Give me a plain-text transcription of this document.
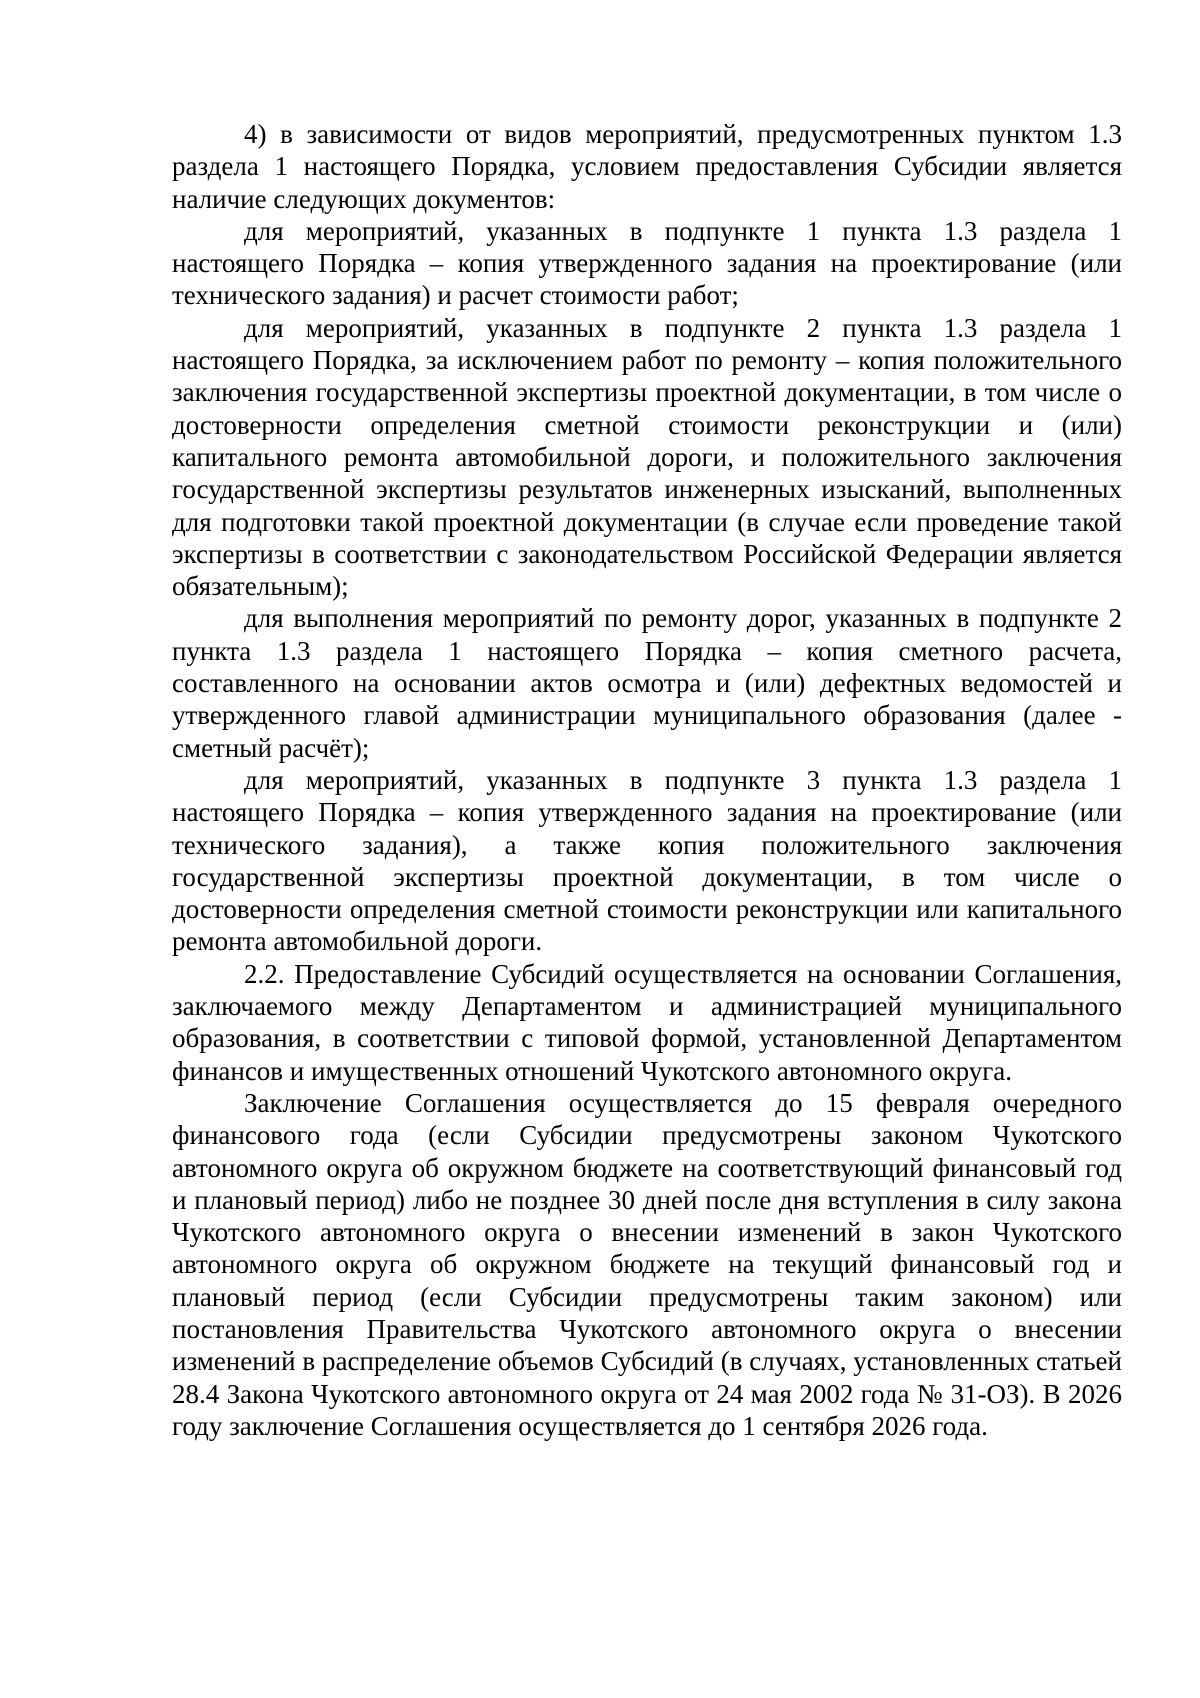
4) в зависимости от видов мероприятий, предусмотренных пунктом 1.3 раздела 1 настоящего Порядка, условием предоставления Субсидии является наличие следующих документов:

для мероприятий, указанных в подпункте 1 пункта 1.3 раздела 1 настоящего Порядка – копия утвержденного задания на проектирование (или технического задания) и расчет стоимости работ;

для мероприятий, указанных в подпункте 2 пункта 1.3 раздела 1 настоящего Порядка, за исключением работ по ремонту – копия положительного заключения государственной экспертизы проектной документации, в том числе о достоверности определения сметной стоимости реконструкции и (или) капитального ремонта автомобильной дороги, и положительного заключения государственной экспертизы результатов инженерных изысканий, выполненных для подготовки такой проектной документации (в случае если проведение такой экспертизы в соответствии с законодательством Российской Федерации является обязательным);

для выполнения мероприятий по ремонту дорог, указанных в подпункте 2 пункта 1.3 раздела 1 настоящего Порядка – копия сметного расчета, составленного на основании актов осмотра и (или) дефектных ведомостей и утвержденного главой администрации муниципального образования (далее - сметный расчёт);

для мероприятий, указанных в подпункте 3 пункта 1.3 раздела 1 настоящего Порядка – копия утвержденного задания на проектирование (или технического задания), а также копия положительного заключения государственной экспертизы проектной документации, в том числе о достоверности определения сметной стоимости реконструкции или капитального ремонта автомобильной дороги.

2.2. Предоставление Субсидий осуществляется на основании Соглашения, заключаемого между Департаментом и администрацией муниципального образования, в соответствии с типовой формой, установленной Департаментом финансов и имущественных отношений Чукотского автономного округа.

Заключение Соглашения осуществляется до 15 февраля очередного финансового года (если Субсидии предусмотрены законом Чукотского автономного округа об окружном бюджете на соответствующий финансовый год и плановый период) либо не позднее 30 дней после дня вступления в силу закона Чукотского автономного округа о внесении изменений в закон Чукотского автономного округа об окружном бюджете на текущий финансовый год и плановый период (если Субсидии предусмотрены таким законом) или постановления Правительства Чукотского автономного округа о внесении изменений в распределение объемов Субсидий (в случаях, установленных статьей 28.4 Закона Чукотского автономного округа от 24 мая 2002 года № 31-ОЗ). В 2026 году заключение Соглашения осуществляется до 1 сентября 2026 года.
